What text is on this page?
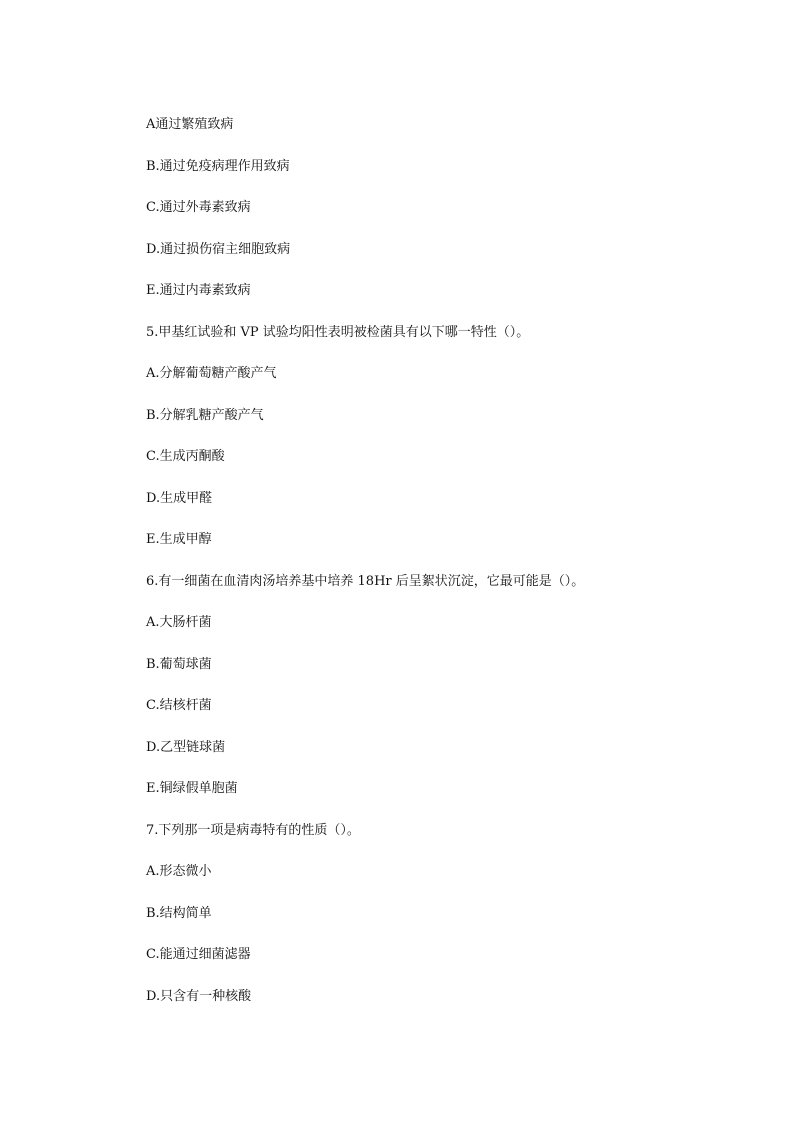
A通过繁殖致病
B.通过免疫病理作用致病
C.通过外毒素致病
D.通过损伤宿主细胞致病
E.通过内毒素致病
5.甲基红试验和 VP 试验均阳性表明被检菌具有以下哪一特性（）。
A.分解葡萄糖产酸产气
B.分解乳糖产酸产气
C.生成丙酮酸
D.生成甲醛
E.生成甲醇
6.有一细菌在血清肉汤培养基中培养 18Hr 后呈絮状沉淀，它最可能是（）。
A.大肠杆菌
B.葡萄球菌
C.结核杆菌
D.乙型链球菌
E.铜绿假单胞菌
7.下列那一项是病毒特有的性质（）。
A.形态微小
B.结构简单
C.能通过细菌滤器
D.只含有一种核酸
